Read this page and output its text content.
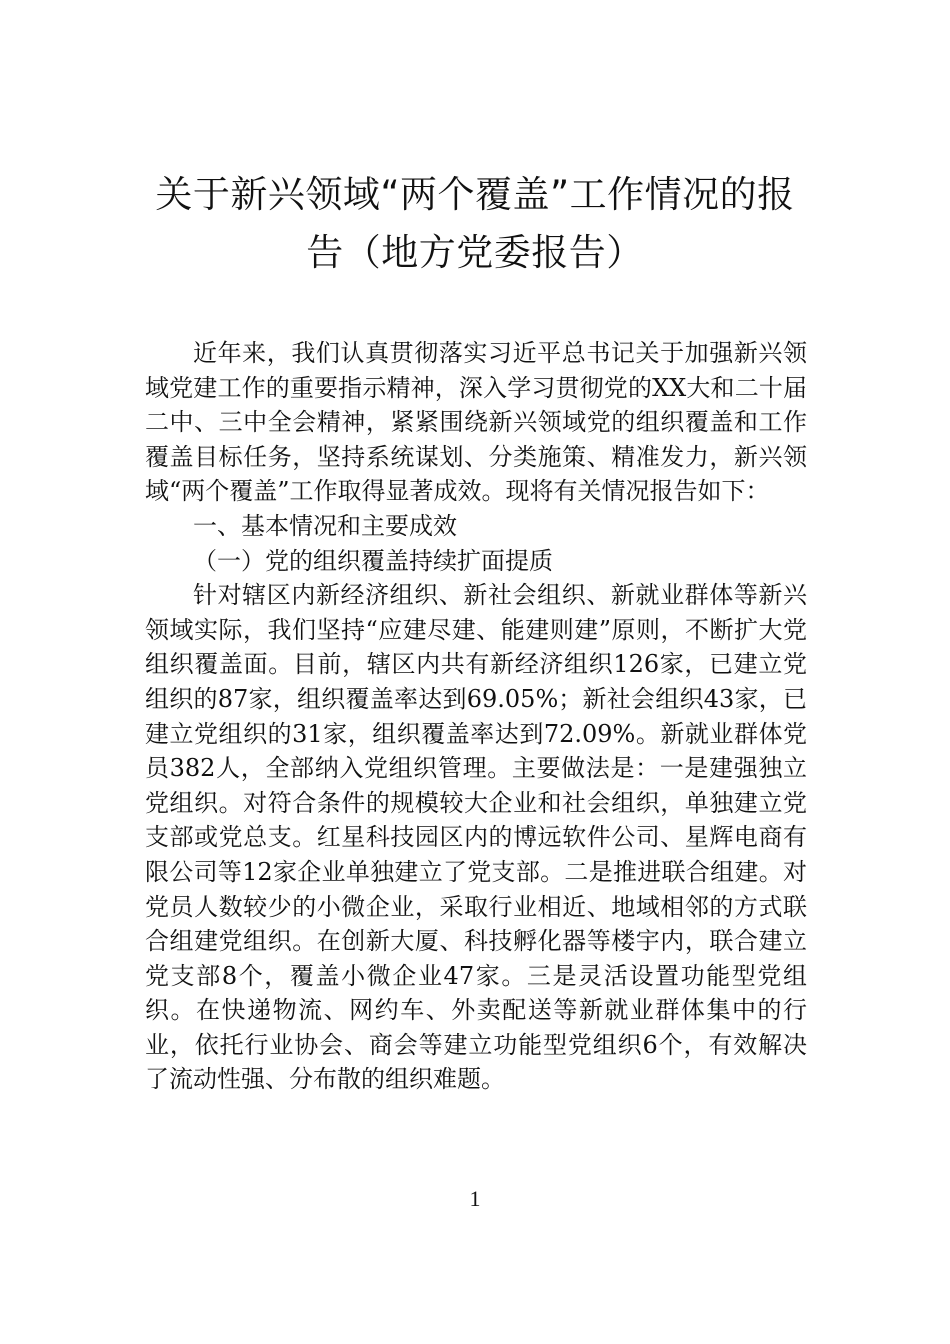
关于新兴领域“两个覆盖”工作情况的报
告（地方党委报告）

近年来，我们认真贯彻落实习近平总书记关于加强新兴领域党建工作的重要指示精神，深入学习贯彻党的XX大和二十届二中、三中全会精神，紧紧围绕新兴领域党的组织覆盖和工作覆盖目标任务，坚持系统谋划、分类施策、精准发力，新兴领域“两个覆盖”工作取得显著成效。现将有关情况报告如下：

一、基本情况和主要成效

（一）党的组织覆盖持续扩面提质

针对辖区内新经济组织、新社会组织、新就业群体等新兴领域实际，我们坚持“应建尽建、能建则建”原则，不断扩大党组织覆盖面。目前，辖区内共有新经济组织126家，已建立党组织的87家，组织覆盖率达到69.05%；新社会组织43家，已建立党组织的31家，组织覆盖率达到72.09%。新就业群体党员382人，全部纳入党组织管理。主要做法是：一是建强独立党组织。对符合条件的规模较大企业和社会组织，单独建立党支部或党总支。红星科技园区内的博远软件公司、星辉电商有限公司等12家企业单独建立了党支部。二是推进联合组建。对党员人数较少的小微企业，采取行业相近、地域相邻的方式联合组建党组织。在创新大厦、科技孵化器等楼宇内，联合建立党支部8个，覆盖小微企业47家。三是灵活设置功能型党组织。在快递物流、网约车、外卖配送等新就业群体集中的行业，依托行业协会、商会等建立功能型党组织6个，有效解决了流动性强、分布散的组织难题。

1
